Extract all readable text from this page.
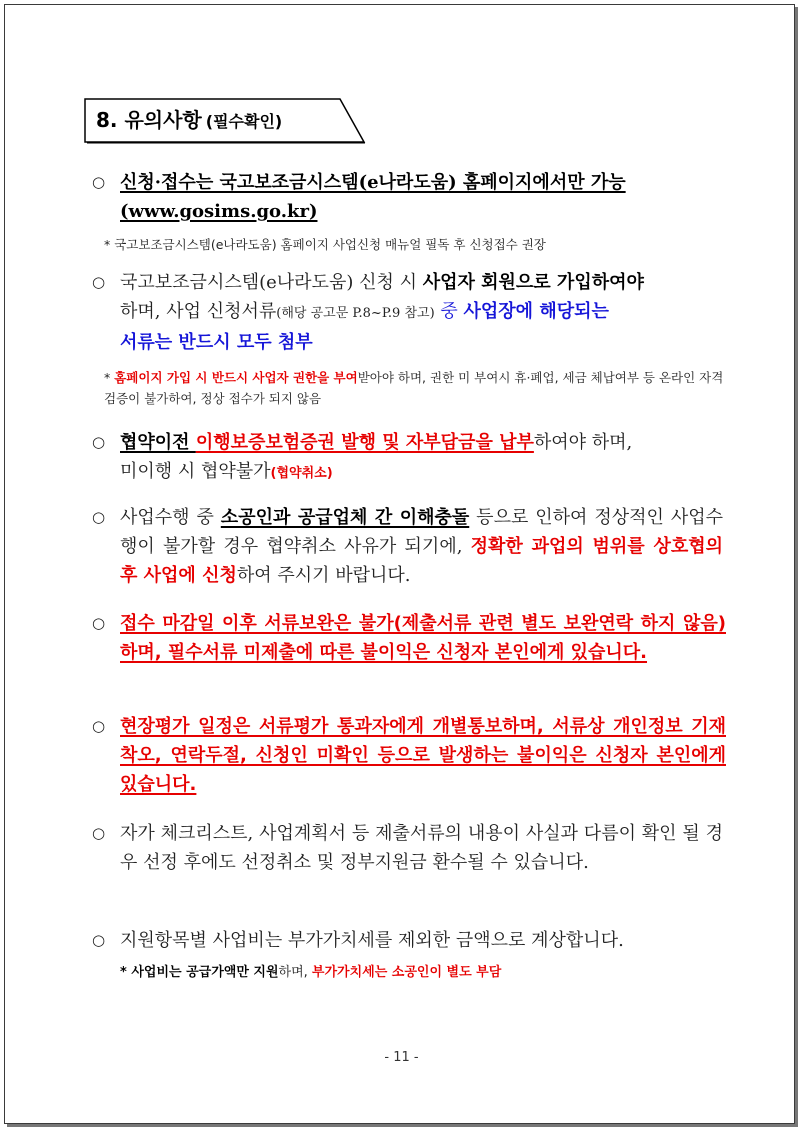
8. 유의사항 (필수확인)
○ 신청·접수는 국고보조금시스템(e나라도움) 홈페이지에서만 가능
(www.gosims.go.kr)
* 국고보조금시스템(e나라도움) 홈페이지 사업신청 매뉴얼 필독 후 신청접수 권장
○ 국고보조금시스템(e나라도움) 신청 시 사업자 회원으로 가입하여야
하며, 사업 신청서류(해당 공고문 P.8~P.9 참고) 중 사업장에 해당되는
서류는 반드시 모두 첨부
* 홈페이지 가입 시 반드시 사업자 권한을 부여받아야 하며, 권한 미 부여시 휴·폐업, 세금 체납여부 등 온라인 자격검증이 불가하여, 정상 접수가 되지 않음
○ 협약이전 이행보증보험증권 발행 및 자부담금을 납부하여야 하며,
미이행 시 협약불가(협약취소)
○ 사업수행 중 소공인과 공급업체 간 이해충돌 등으로 인하여 정상적인 사업수행이 불가할 경우 협약취소 사유가 되기에, 정확한 과업의 범위를 상호협의 후 사업에 신청하여 주시기 바랍니다.
○ 접수 마감일 이후 서류보완은 불가(제출서류 관련 별도 보완연락 하지 않음)하며, 필수서류 미제출에 따른 불이익은 신청자 본인에게 있습니다.
○ 현장평가 일정은 서류평가 통과자에게 개별통보하며, 서류상 개인정보 기재착오, 연락두절, 신청인 미확인 등으로 발생하는 불이익은 신청자 본인에게 있습니다.
○ 자가 체크리스트, 사업계획서 등 제출서류의 내용이 사실과 다름이 확인 될 경우 선정 후에도 선정취소 및 정부지원금 환수될 수 있습니다.
○ 지원항목별 사업비는 부가가치세를 제외한 금액으로 계상합니다.
* 사업비는 공급가액만 지원하며, 부가가치세는 소공인이 별도 부담
- 11 -
